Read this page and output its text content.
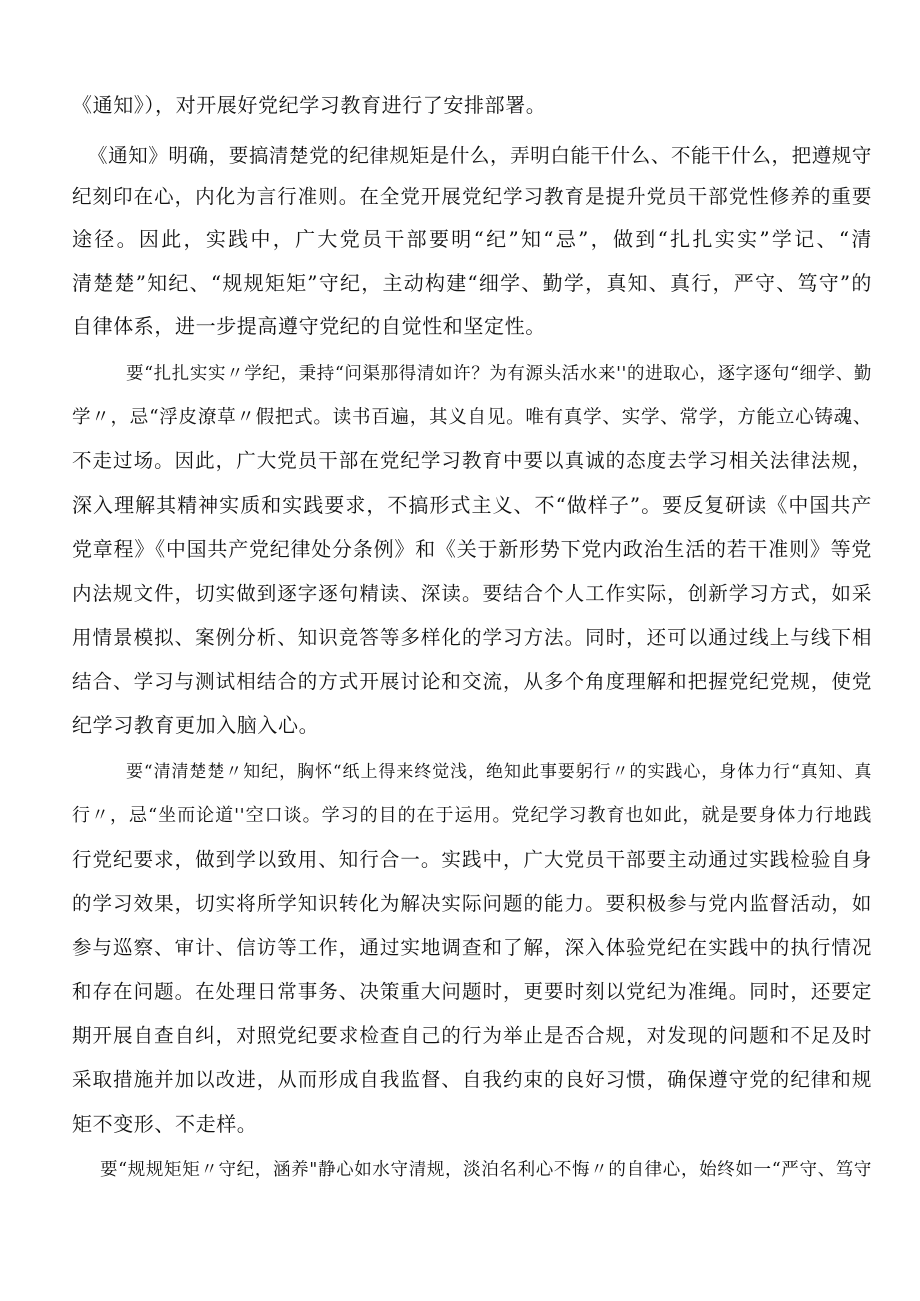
《通知》），对开展好党纪学习教育进行了安排部署。
《通知》明确，要搞清楚党的纪律规矩是什么，弄明白能干什么、不能干什么，把遵规守
纪刻印在心，内化为言行准则。在全党开展党纪学习教育是提升党员干部党性修养的重要
途径。因此，实践中，广大党员干部要明“纪”知“忌”，做到“扎扎实实”学记、“清
清楚楚”知纪、“规规矩矩”守纪，主动构建“细学、勤学，真知、真行，严守、笃守”的
自律体系，进一步提高遵守党纪的自觉性和坚定性。
要“扎扎实实〃学纪，秉持“问渠那得清如许？为有源头活水来''的进取心，逐字逐句“细学、勤
学〃，忌“浮皮潦草〃假把式。读书百遍，其义自见。唯有真学、实学、常学，方能立心铸魂、
不走过场。因此，广大党员干部在党纪学习教育中要以真诚的态度去学习相关法律法规，
深入理解其精神实质和实践要求，不搞形式主义、不“做样子”。要反复研读《中国共产
党章程》《中国共产党纪律处分条例》和《关于新形势下党内政治生活的若干准则》等党
内法规文件，切实做到逐字逐句精读、深读。要结合个人工作实际，创新学习方式，如采
用情景模拟、案例分析、知识竞答等多样化的学习方法。同时，还可以通过线上与线下相
结合、学习与测试相结合的方式开展讨论和交流，从多个角度理解和把握党纪党规，使党
纪学习教育更加入脑入心。
要“清清楚楚〃知纪，胸怀“纸上得来终觉浅，绝知此事要躬行〃的实践心，身体力行“真知、真
行〃，忌“坐而论道''空口谈。学习的目的在于运用。党纪学习教育也如此，就是要身体力行地践
行党纪要求，做到学以致用、知行合一。实践中，广大党员干部要主动通过实践检验自身
的学习效果，切实将所学知识转化为解决实际问题的能力。要积极参与党内监督活动，如
参与巡察、审计、信访等工作，通过实地调查和了解，深入体验党纪在实践中的执行情况
和存在问题。在处理日常事务、决策重大问题时，更要时刻以党纪为准绳。同时，还要定
期开展自查自纠，对照党纪要求检查自己的行为举止是否合规，对发现的问题和不足及时
采取措施并加以改进，从而形成自我监督、自我约束的良好习惯，确保遵守党的纪律和规
矩不变形、不走样。
要“规规矩矩〃守纪，涵养"静心如水守清规，淡泊名利心不悔〃的自律心，始终如一“严守、笃守
